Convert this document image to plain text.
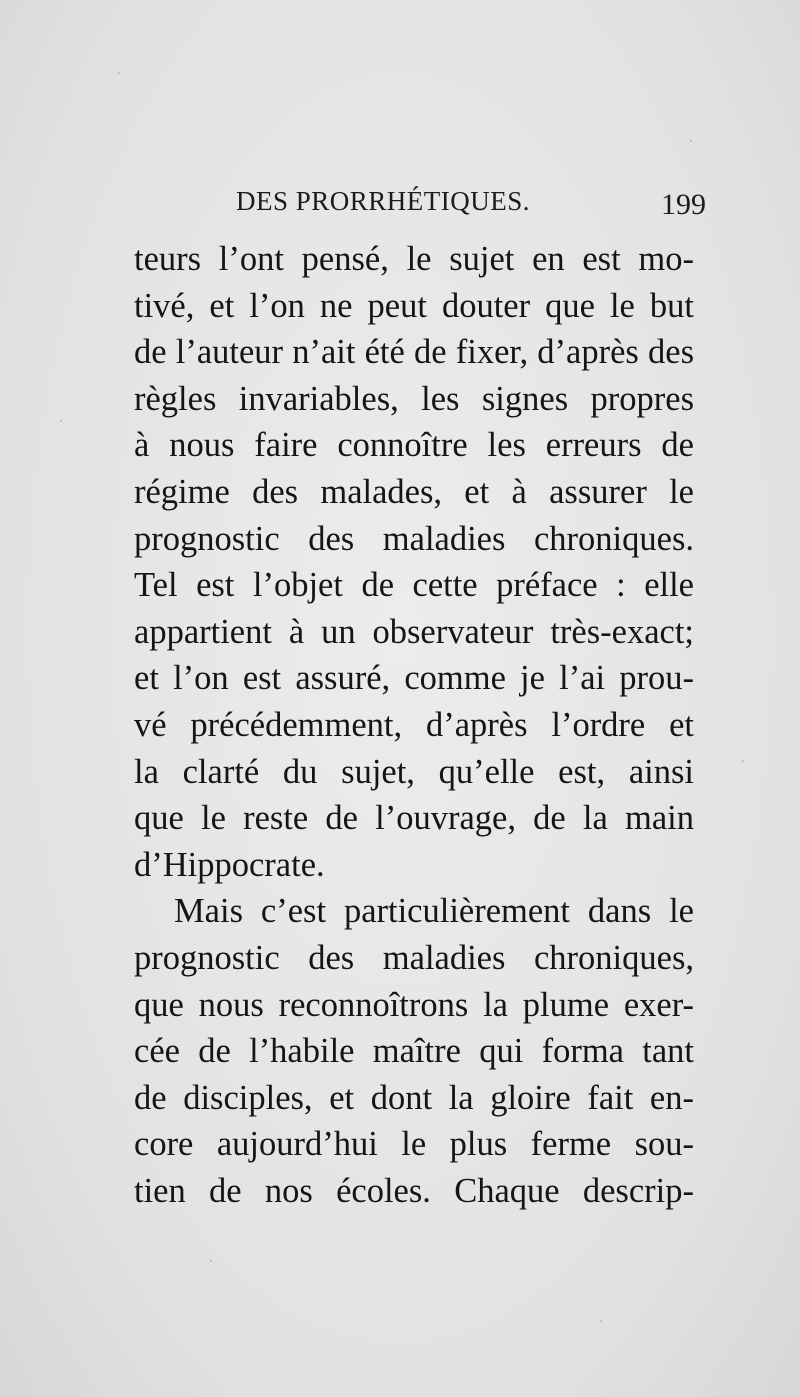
DES PRORRHÉTIQUES.	199
teurs l’ont pensé, le sujet en est mo-
tivé, et l’on ne peut douter que le but
de l’auteur n’ait été de fixer, d’après des
règles invariables, les signes propres
à nous faire connoître les erreurs de
régime des malades, et à assurer le
prognostic des maladies chroniques.
Tel est l’objet de cette préface : elle
appartient à un observateur très-exact;
et l’on est assuré, comme je l’ai prou-
vé précédemment, d’après l’ordre et
la clarté du sujet, qu’elle est, ainsi
que le reste de l’ouvrage, de la main
d’Hippocrate.
Mais c’est particulièrement dans le
prognostic des maladies chroniques,
que nous reconnoîtrons la plume exer-
cée de l’habile maître qui forma tant
de disciples, et dont la gloire fait en-
core aujourd’hui le plus ferme sou-
tien de nos écoles. Chaque descrip-
